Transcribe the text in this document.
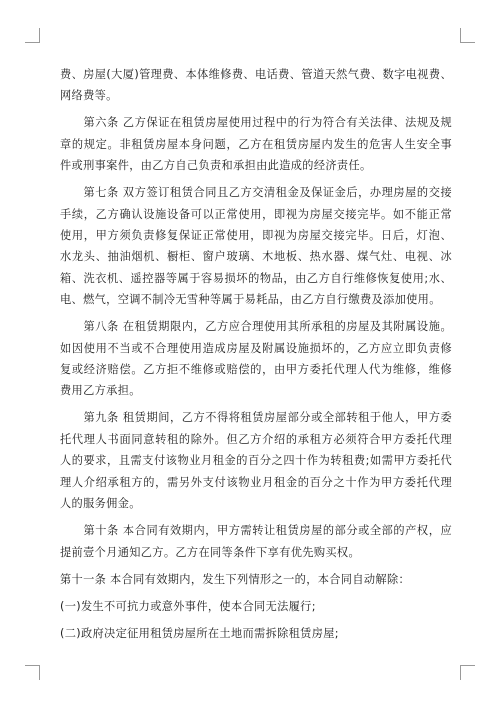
费、房屋(大厦)管理费、本体维修费、电话费、管道天然气费、数字电视费、网络费等。

第六条 乙方保证在租赁房屋使用过程中的行为符合有关法律、法规及规章的规定。非租赁房屋本身问题，乙方在租赁房屋内发生的危害人生安全事件或刑事案件，由乙方自己负责和承担由此造成的经济责任。

第七条 双方签订租赁合同且乙方交清租金及保证金后，办理房屋的交接手续，乙方确认设施设备可以正常使用，即视为房屋交接完毕。如不能正常使用，甲方须负责修复保证正常使用，即视为房屋交接完毕。日后，灯泡、水龙头、抽油烟机、橱柜、窗户玻璃、木地板、热水器、煤气灶、电视、冰箱、洗衣机、遥控器等属于容易损坏的物品，由乙方自行维修恢复使用;水、电、燃气，空调不制冷无雪种等属于易耗品，由乙方自行缴费及添加使用。

第八条 在租赁期限内，乙方应合理使用其所承租的房屋及其附属设施。如因使用不当或不合理使用造成房屋及附属设施损坏的，乙方应立即负责修复或经济赔偿。乙方拒不维修或赔偿的，由甲方委托代理人代为维修，维修费用乙方承担。

第九条 租赁期间，乙方不得将租赁房屋部分或全部转租于他人，甲方委托代理人书面同意转租的除外。但乙方介绍的承租方必须符合甲方委托代理人的要求，且需支付该物业月租金的百分之四十作为转租费;如需甲方委托代理人介绍承租方的，需另外支付该物业月租金的百分之十作为甲方委托代理人的服务佣金。

第十条 本合同有效期内，甲方需转让租赁房屋的部分或全部的产权，应提前壹个月通知乙方。乙方在同等条件下享有优先购买权。

第十一条 本合同有效期内，发生下列情形之一的，本合同自动解除：

(一)发生不可抗力或意外事件，使本合同无法履行;

(二)政府决定征用租赁房屋所在土地而需拆除租赁房屋;
